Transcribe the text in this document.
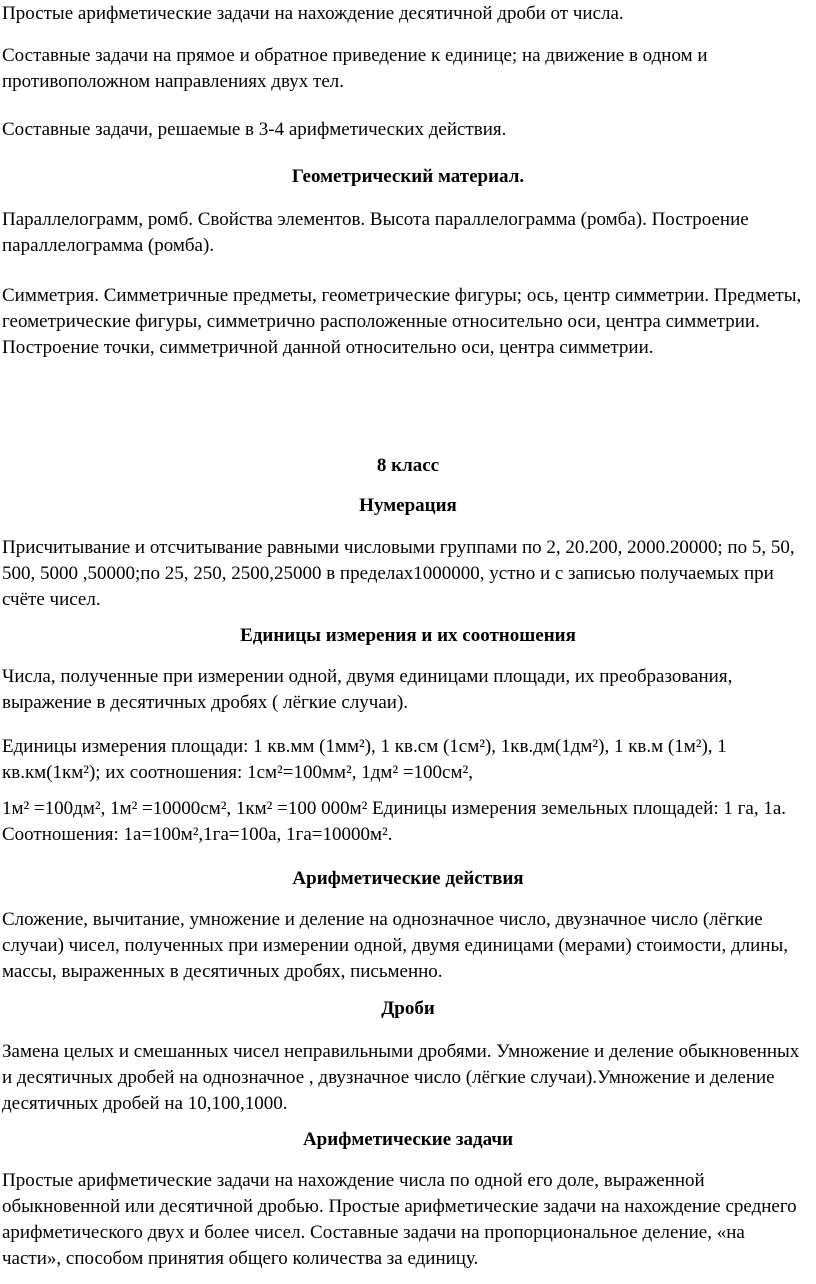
Простые арифметические задачи на нахождение десятичной дроби от числа.

Составные задачи на прямое и обратное приведение к единице; на движение в одном и противоположном направлениях двух тел.

Составные задачи, решаемые в 3-4 арифметических действия.

Геометрический материал.

Параллелограмм, ромб. Свойства элементов. Высота параллелограмма (ромба). Построение параллелограмма (ромба).

Симметрия. Симметричные предметы, геометрические фигуры; ось, центр симметрии. Предметы, геометрические фигуры, симметрично расположенные относительно оси, центра симметрии. Построение точки, симметричной данной относительно оси, центра симметрии.

8 класс
Нумерация

Присчитывание и отсчитывание равными числовыми группами по 2, 20.200, 2000.20000; по 5, 50, 500, 5000 ,50000;по 25, 250, 2500,25000 в пределах1000000, устно и с записью получаемых при счёте чисел.

Единицы измерения и их соотношения

Числа, полученные при измерении одной, двумя единицами площади, их преобразования, выражение в десятичных дробях ( лёгкие случаи).

Единицы измерения площади: 1 кв.мм (1мм²), 1 кв.см (1см²), 1кв.дм(1дм²), 1 кв.м (1м²), 1 кв.км(1км²); их соотношения: 1см²=100мм², 1дм² =100см²,

1м² =100дм², 1м² =10000см², 1км² =100 000м² Единицы измерения земельных площадей: 1 га, 1а. Соотношения: 1а=100м²,1га=100а, 1га=10000м².

Арифметические действия

Сложение, вычитание, умножение и деление на однозначное число, двузначное число (лёгкие случаи) чисел, полученных при измерении одной, двумя единицами (мерами) стоимости, длины, массы, выраженных в десятичных дробях, письменно.

Дроби

Замена целых и смешанных чисел неправильными дробями. Умножение и деление обыкновенных и десятичных дробей на однозначное , двузначное число (лёгкие случаи).Умножение и деление десятичных дробей на 10,100,1000.

Арифметические задачи

Простые арифметические задачи на нахождение числа по одной его доле, выраженной обыкновенной или десятичной дробью. Простые арифметические задачи на нахождение среднего арифметического двух и более чисел. Составные задачи на пропорциональное деление, «на части», способом принятия общего количества за единицу.
